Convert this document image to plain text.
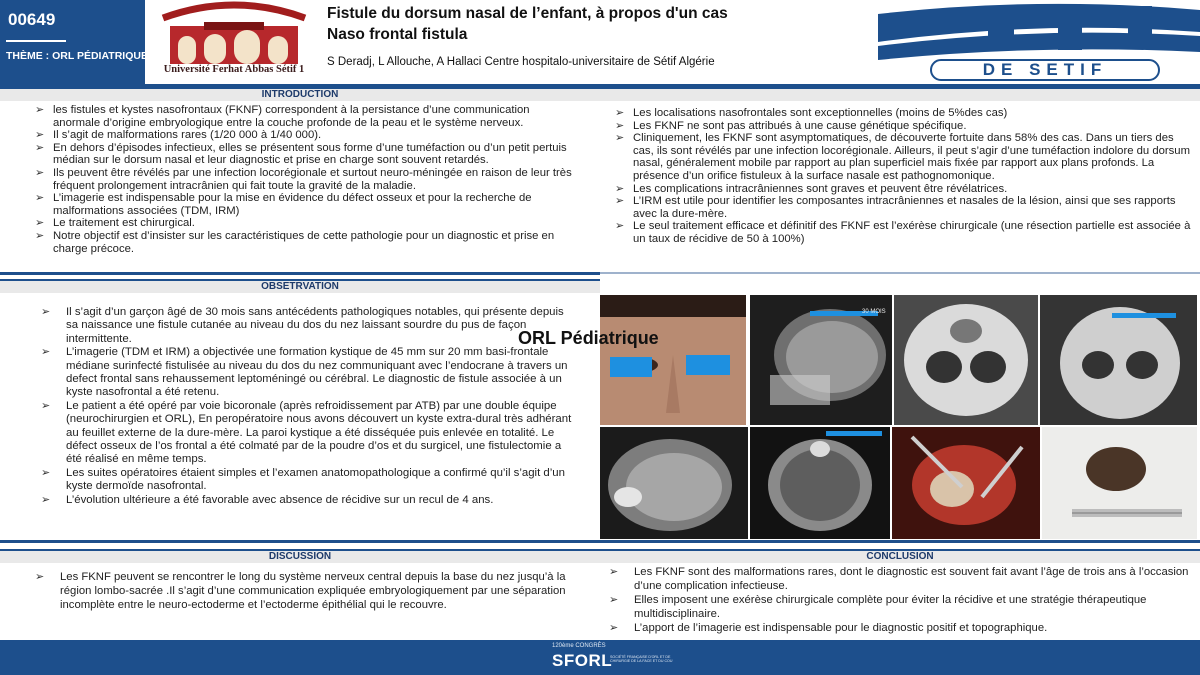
00649
THÈME : ORL PÉDIATRIQUE
Université Ferhat Abbas Sétif 1
Fistule du dorsum nasal de l’enfant, à propos d'un cas
Naso frontal fistula
S Deradj, L Allouche, A Hallaci Centre hospitalo-universitaire de Sétif Algérie	DE SETIF
INTRODUCTION
➢ les fistules et kystes nasofrontaux (FKNF) correspondent à la persistance d’une communication anormale d’origine embryologique entre la couche profonde de la peau et le système nerveux.
➢ Il s’agit de malformations rares (1/20 000 à 1/40 000).
➢ En dehors d’épisodes infectieux, elles se présentent sous forme d’une tuméfaction ou d’un petit pertuis médian sur le dorsum nasal et leur diagnostic et prise en charge sont souvent retardés.
➢ Ils peuvent être révélés par une infection locorégionale et surtout neuro-méningée en raison de leur très fréquent prolongement intracrânien qui fait toute la gravité de la maladie.
➢ L’imagerie est indispensable pour la mise en évidence du défect osseux et pour la recherche de malformations associées (TDM, IRM)
➢ Le traitement est chirurgical.
➢ Notre objectif est d’insister sur les caractéristiques de cette pathologie pour un diagnostic et prise en charge précoce.
➢ Les localisations nasofrontales sont exceptionnelles (moins de 5%des cas)
➢ Les FKNF ne sont pas attribués à une cause génétique spécifique.
➢ Cliniquement, les FKNF sont asymptomatiques, de découverte fortuite dans 58% des cas. Dans un tiers des cas, ils sont révélés par une infection locorégionale. Ailleurs, il peut s’agir d’une tuméfaction indolore du dorsum nasal, généralement mobile par rapport au plan superficiel mais fixée par rapport aux plans profonds. La présence d’un orifice fistuleux à la surface nasale est pathognomonique.
➢ Les complications intracrâniennes sont graves et peuvent être révélatrices.
➢ L’IRM est utile pour identifier les composantes intracrâniennes et nasales de la lésion, ainsi que ses rapports avec la dure-mère.
➢ Le seul traitement efficace et définitif des FKNF est l’exérèse chirurgicale (une résection partielle est associée à un taux de récidive de 50 à 100%)
OBSETRVATION
➢ Il s’agit d’un garçon âgé de 30 mois sans antécédents pathologiques notables, qui présente depuis sa naissance une fistule cutanée au niveau du dos du nez laissant sourdre du pus de façon intermittente.
➢ L’imagerie (TDM et IRM) a objectivée une formation kystique de 45 mm sur 20 mm basi-frontale médiane surinfecté fistulisée au niveau du dos du nez communiquant avec l’endocrane à travers un defect frontal sans rehaussement leptoméningé ou cérébral. Le diagnostic de fistule associée à un kyste nasofrontal a été retenu.
➢ Le patient a été opéré par voie bicoronale (après refroidissement par ATB) par une double équipe (neurochirurgien et ORL), En peropératoire nous avons découvert un kyste extra-dural très adhérant au feuillet externe de la dure-mère. La paroi kystique a été disséquée puis enlevée en totalité. Le défect osseux de l’os frontal a été colmaté par de la poudre d’os et du surgicel, une fistulectomie a été réalisé en même temps.
➢ Les suites opératoires étaient simples et l’examen anatomopathologique a confirmé qu’il s’agit d’un kyste dermoïde nasofrontal.
➢ L’évolution ultérieure a été favorable avec absence de récidive sur un recul de 4 ans.
30 MOIS
ORL Pédiatrique
DISCUSSION	CONCLUSION
➢ Les FKNF peuvent se rencontrer le long du système nerveux central depuis la base du nez jusqu’à la région lombo-sacrée .Il s’agit d’une communication expliquée embryologiquement par une séparation incomplète entre le neuro-ectoderme et l’ectoderme épithélial qui le recouvre.
➢ Les FKNF sont des malformations rares, dont le diagnostic est souvent fait avant l’âge de trois ans à l’occasion d’une complication infectieuse.
➢ Elles imposent une exérèse chirurgicale complète pour éviter la récidive et une stratégie thérapeutique multidisciplinaire.
➢ L’apport de l’imagerie est indispensable pour le diagnostic positif et topographique.
120ème CONGRÈS
SFORL
SOCIÉTÉ FRANÇAISE D'ORL ET DE CHIRURGIE DE LA FACE ET DU COU
